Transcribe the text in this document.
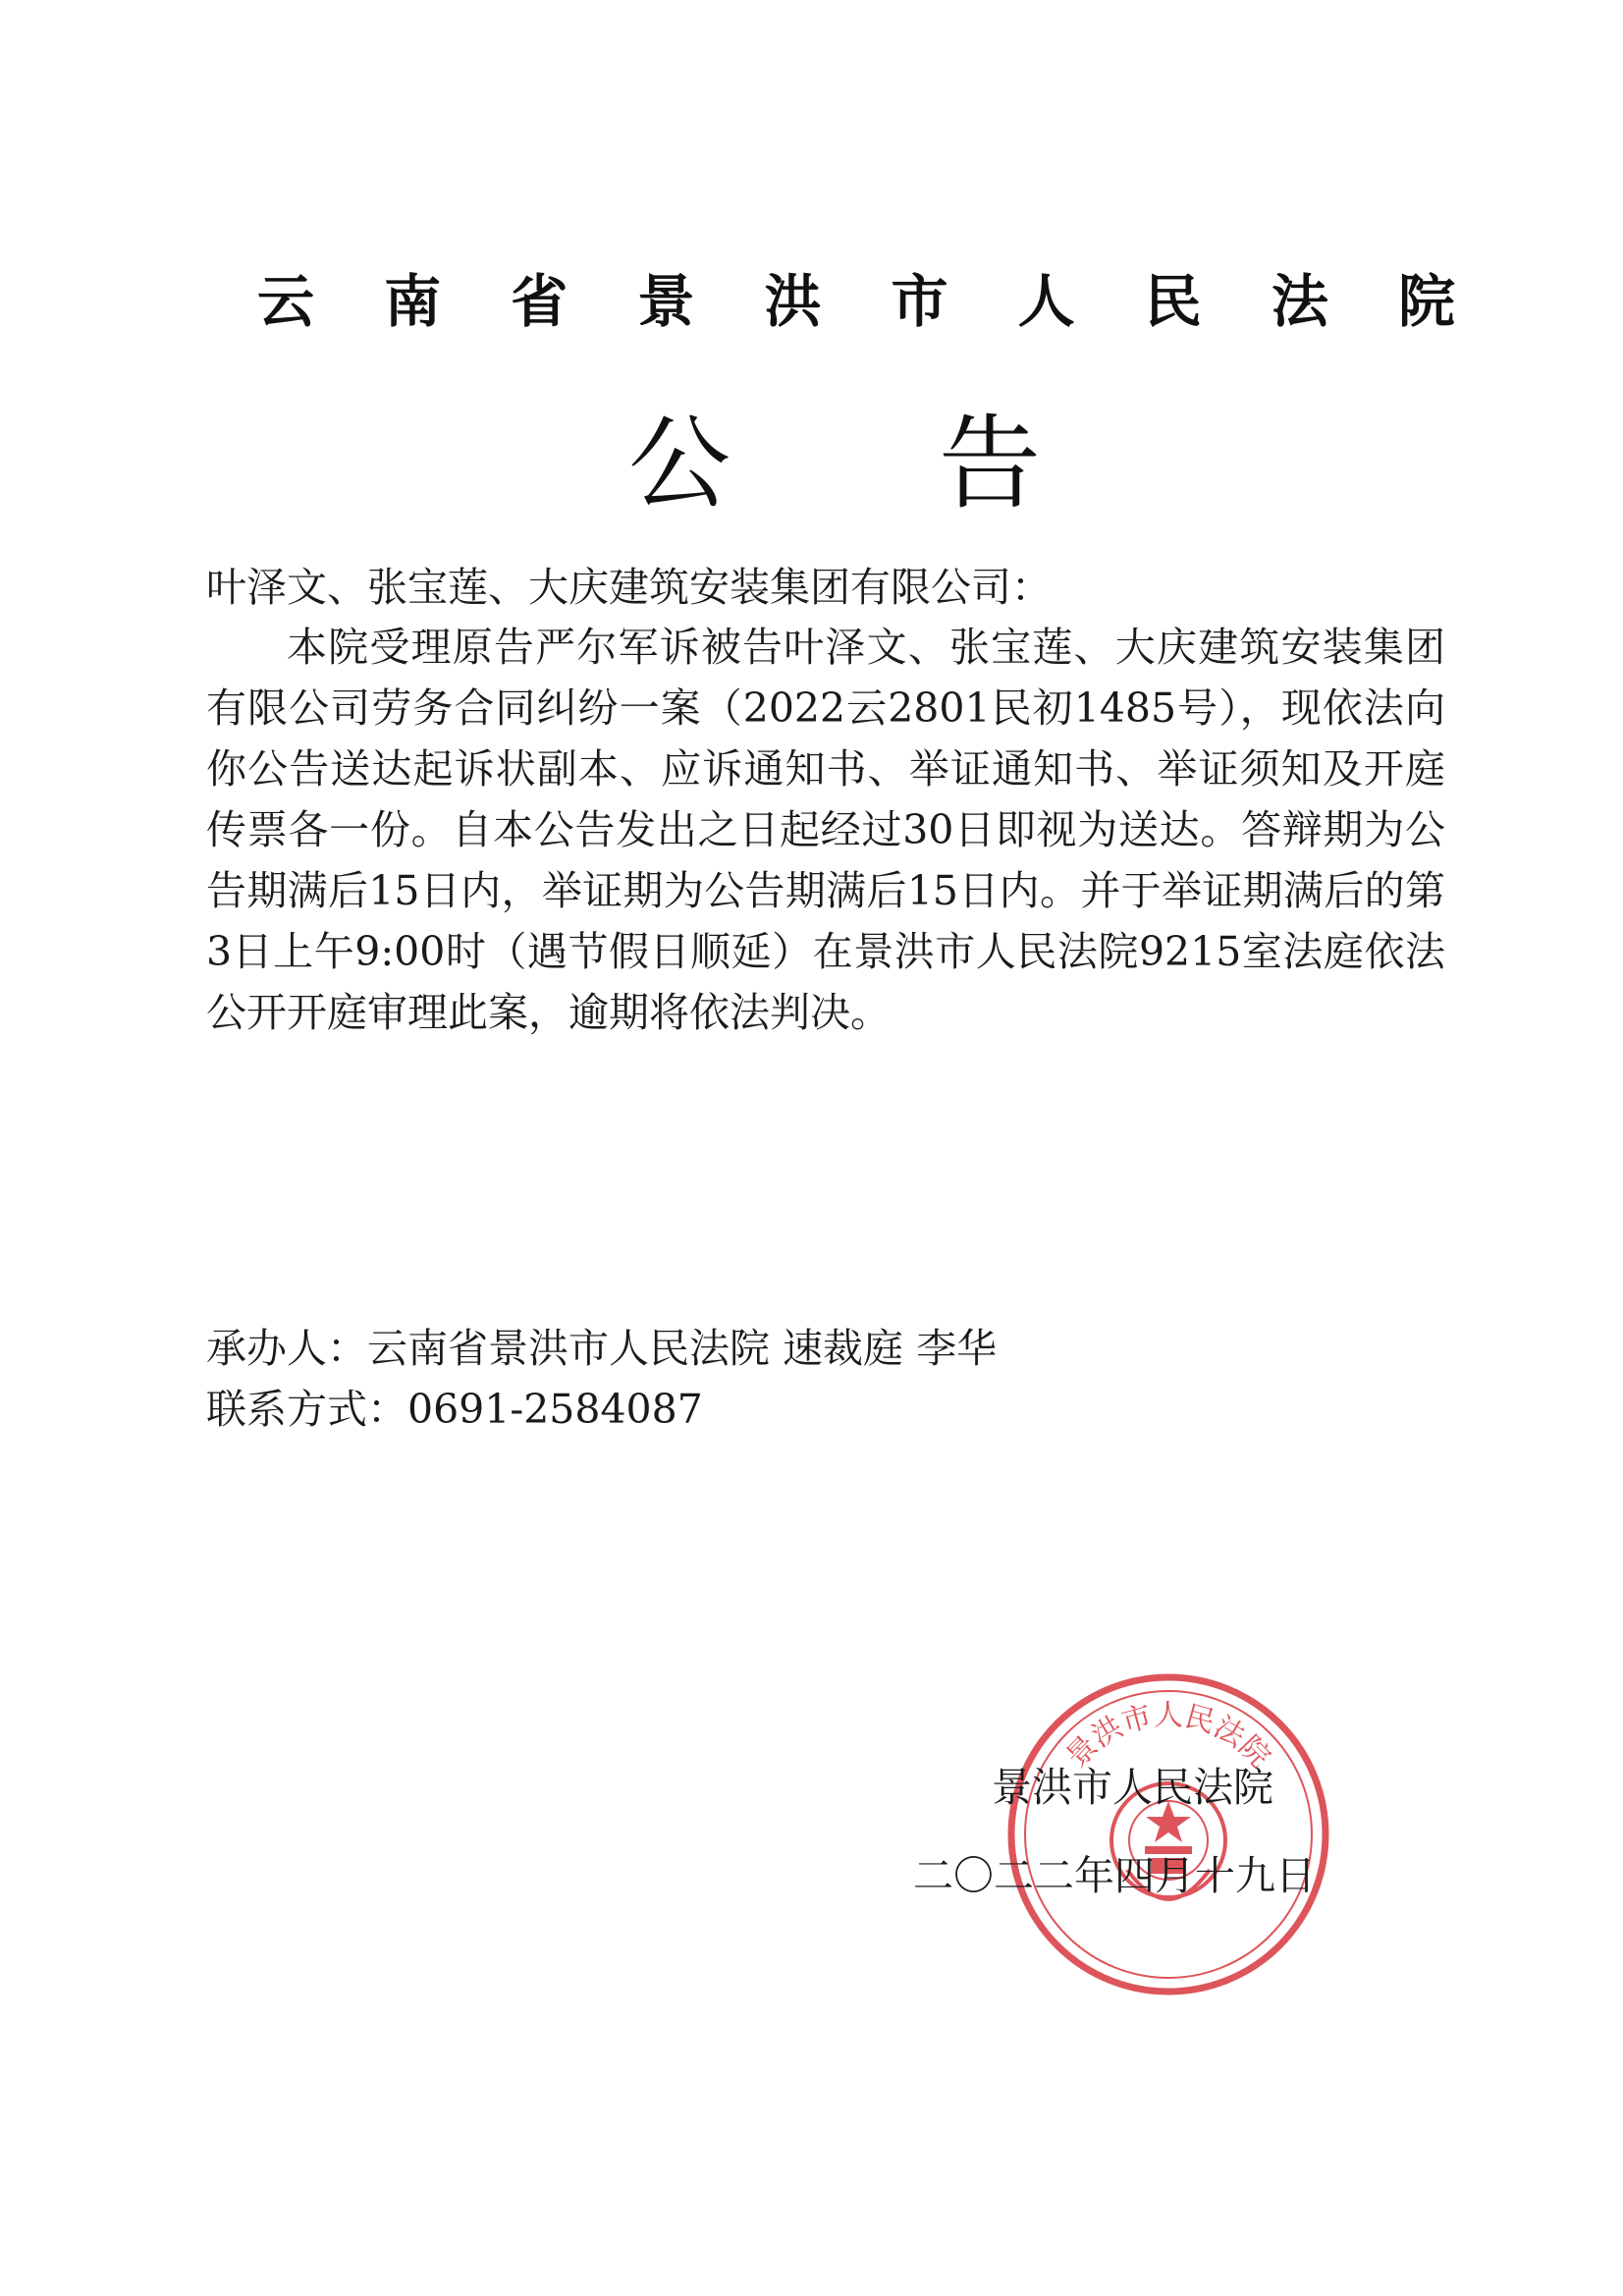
云 南 省 景 洪 市 人 民 法 院
公 告
叶泽文、张宝莲、大庆建筑安装集团有限公司：

本院受理原告严尔军诉被告叶泽文、张宝莲、大庆建筑安装集团有限公司劳务合同纠纷一案（2022云2801民初1485号），现依法向你公告送达起诉状副本、应诉通知书、举证通知书、举证须知及开庭传票各一份。自本公告发出之日起经过30日即视为送达。答辩期为公告期满后15日内，举证期为公告期满后15日内。并于举证期满后的第3日上午9:00时（遇节假日顺延）在景洪市人民法院9215室法庭依法公开开庭审理此案，逾期将依法判决。

承办人：云南省景洪市人民法院 速裁庭 李华
联系方式：0691-2584087
景洪市人民法院
景洪市人民法院
二〇二二年四月十九日
